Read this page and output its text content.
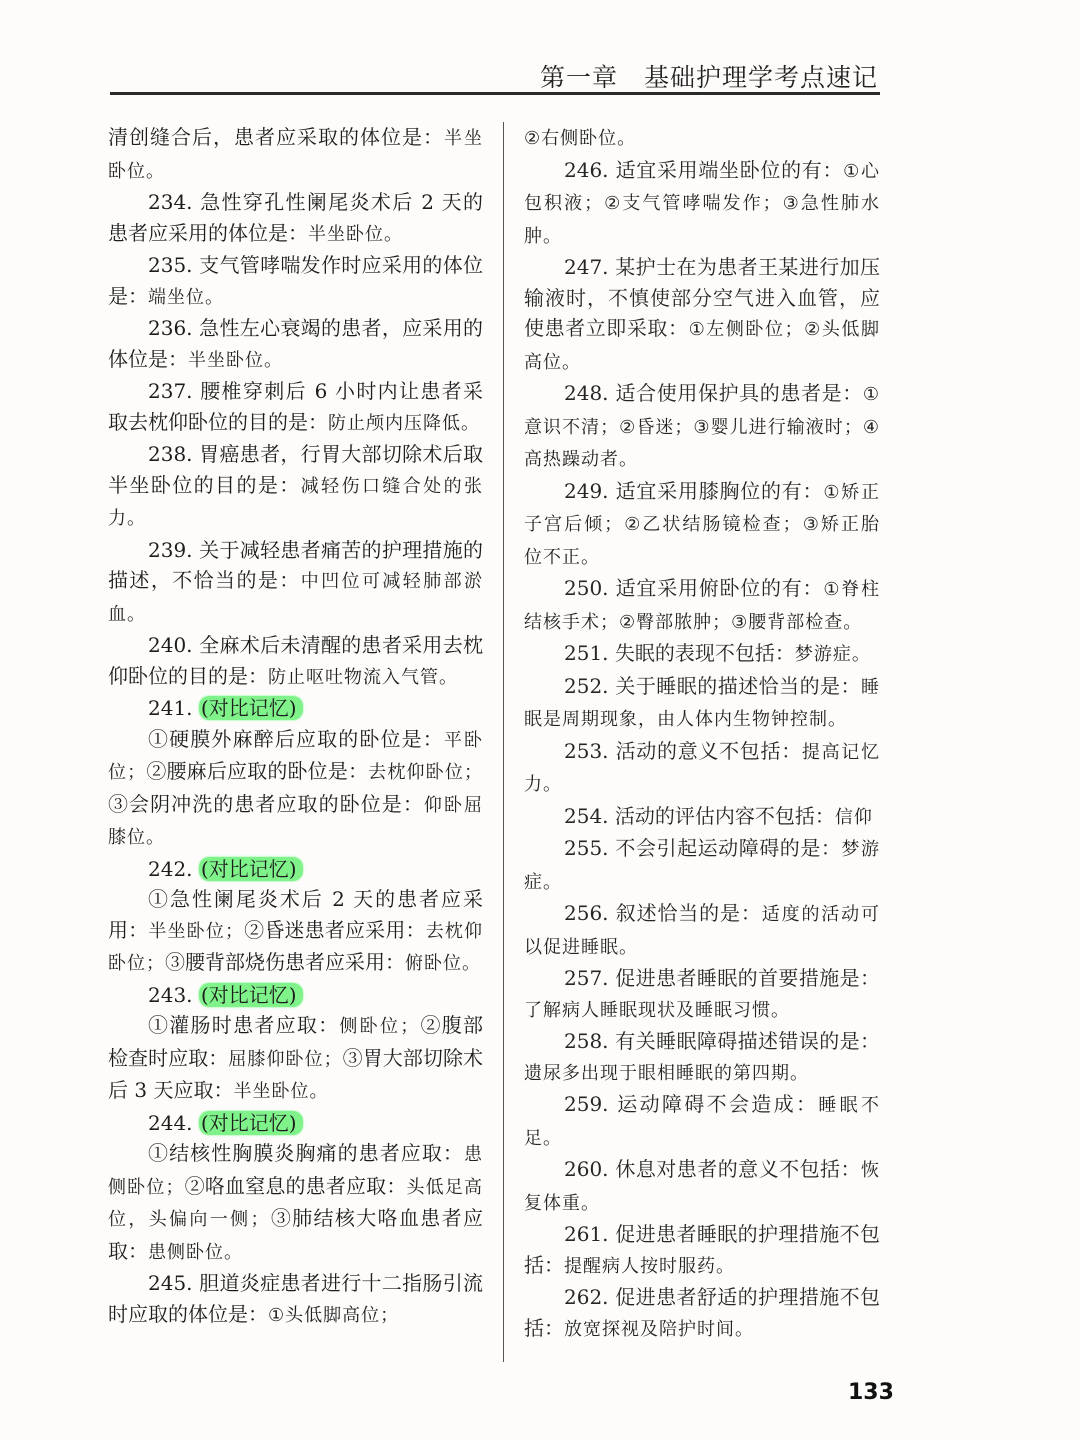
第一章　基础护理学考点速记

清创缝合后，患者应采取的体位是：半坐卧位。

234. 急性穿孔性阑尾炎术后 2 天的患者应采用的体位是：半坐卧位。

235. 支气管哮喘发作时应采用的体位是：端坐位。

236. 急性左心衰竭的患者，应采用的体位是：半坐卧位。

237. 腰椎穿刺后 6 小时内让患者采取去枕仰卧位的目的是：防止颅内压降低。

238. 胃癌患者，行胃大部切除术后取半坐卧位的目的是：减轻伤口缝合处的张力。

239. 关于减轻患者痛苦的护理措施的描述，不恰当的是：中凹位可减轻肺部淤血。

240. 全麻术后未清醒的患者采用去枕仰卧位的目的是：防止呕吐物流入气管。

241. (对比记忆)

①硬膜外麻醉后应取的卧位是：平卧位；②腰麻后应取的卧位是：去枕仰卧位；③会阴冲洗的患者应取的卧位是：仰卧屈膝位。

242. (对比记忆)

①急性阑尾炎术后 2 天的患者应采用：半坐卧位；②昏迷患者应采用：去枕仰卧位；③腰背部烧伤患者应采用：俯卧位。

243. (对比记忆)

①灌肠时患者应取：侧卧位；②腹部检查时应取：屈膝仰卧位；③胃大部切除术后 3 天应取：半坐卧位。

244. (对比记忆)

①结核性胸膜炎胸痛的患者应取：患侧卧位；②咯血窒息的患者应取：头低足高位，头偏向一侧；③肺结核大咯血患者应取：患侧卧位。

245. 胆道炎症患者进行十二指肠引流时应取的体位是：①头低脚高位；

②右侧卧位。

246. 适宜采用端坐卧位的有：①心包积液；②支气管哮喘发作；③急性肺水肿。

247. 某护士在为患者王某进行加压输液时，不慎使部分空气进入血管，应使患者立即采取：①左侧卧位；②头低脚高位。

248. 适合使用保护具的患者是：①意识不清；②昏迷；③婴儿进行输液时；④高热躁动者。

249. 适宜采用膝胸位的有：①矫正子宫后倾；②乙状结肠镜检查；③矫正胎位不正。

250. 适宜采用俯卧位的有：①脊柱结核手术；②臀部脓肿；③腰背部检查。

251. 失眠的表现不包括：梦游症。

252. 关于睡眠的描述恰当的是：睡眠是周期现象，由人体内生物钟控制。

253. 活动的意义不包括：提高记忆力。

254. 活动的评估内容不包括：信仰

255. 不会引起运动障碍的是：梦游症。

256. 叙述恰当的是：适度的活动可以促进睡眠。

257. 促进患者睡眠的首要措施是：了解病人睡眠现状及睡眠习惯。

258. 有关睡眠障碍描述错误的是：遗尿多出现于眼相睡眠的第四期。

259. 运动障碍不会造成：睡眠不足。

260. 休息对患者的意义不包括：恢复体重。

261. 促进患者睡眠的护理措施不包括：提醒病人按时服药。

262. 促进患者舒适的护理措施不包括：放宽探视及陪护时间。

133
